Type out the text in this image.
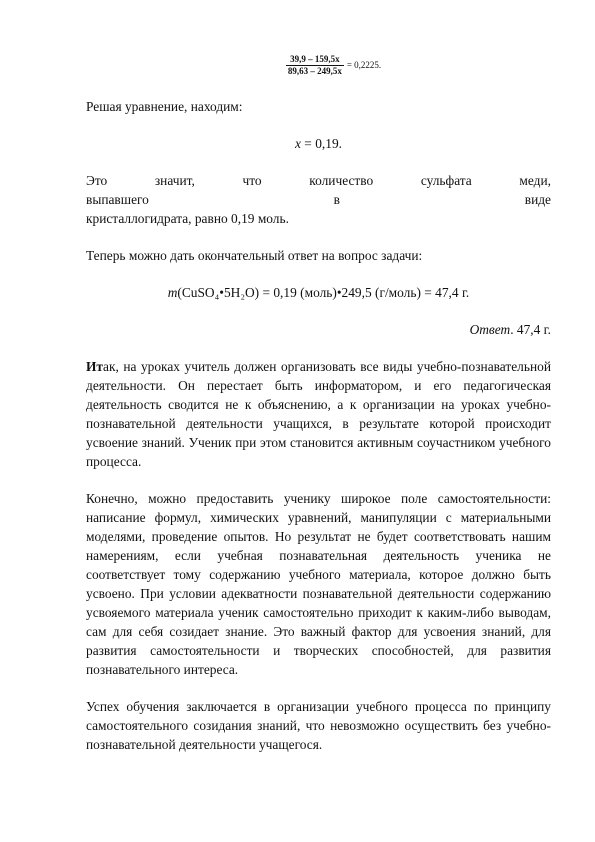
$\frac{39,9 - 159,5x}{89,63 - 249,5x} = 0,2225$.

Решая уравнение, находим:

x = 0,19.

Это значит, что количество сульфата меди, выпавшего в виде

кристаллогидрата, равно 0,19 моль.

Теперь можно дать окончательный ответ на вопрос задачи:

m(CuSO₄•5H₂O) = 0,19 (моль)•249,5 (г/моль) = 47,4 г.

Ответ. 47,4 г.

Итак, на уроках учитель должен организовать все виды учебно-познавательной деятельности. Он перестает быть информатором, и его педагогическая деятельность сводится не к объяснению, а к организации на уроках учебно-познавательной деятельности учащихся, в результате которой происходит усвоение знаний. Ученик при этом становится активным соучастником учебного процесса.

Конечно, можно предоставить ученику широкое поле самостоятельности: написание формул, химических уравнений, манипуляции с материальными моделями, проведение опытов. Но результат не будет соответствовать нашим намерениям, если учебная познавательная деятельность ученика не соответствует тому содержанию учебного материала, которое должно быть усвоено. При условии адекватности познавательной деятельности содержанию усвояемого материала ученик самостоятельно приходит к каким-либо выводам, сам для себя созидает знание. Это важный фактор для усвоения знаний, для развития самостоятельности и творческих способностей, для развития познавательного интереса.

Успех обучения заключается в организации учебного процесса по принципу самостоятельного созидания знаний, что невозможно осуществить без учебно-познавательной деятельности учащегося.
